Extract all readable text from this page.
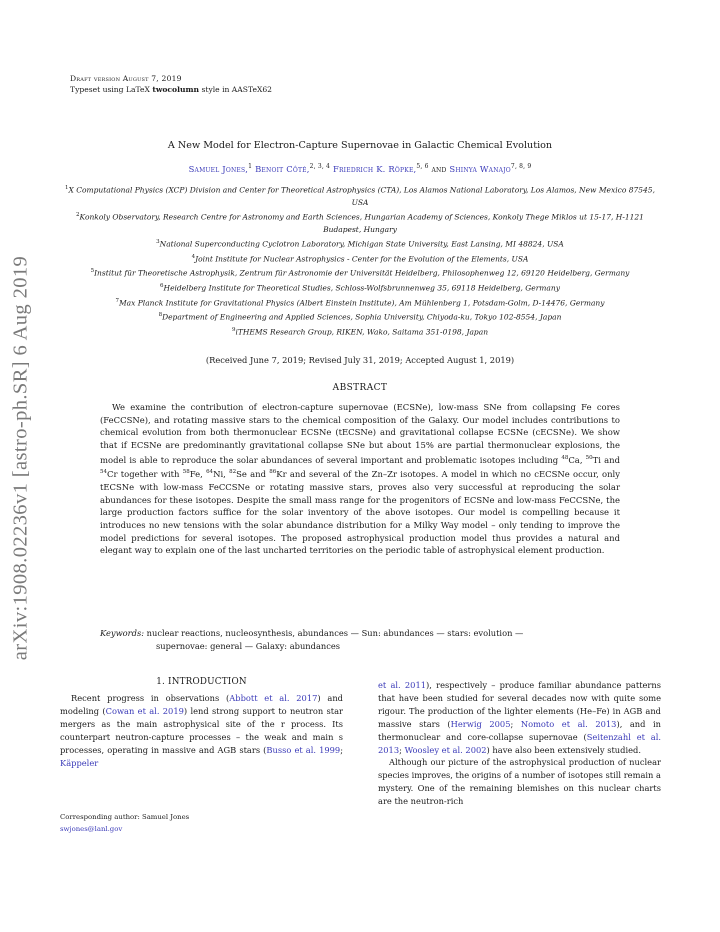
Draft version August 7, 2019
Typeset using LaTeX twocolumn style in AASTeX62
arXiv:1908.02236v1 [astro-ph.SR] 6 Aug 2019
A New Model for Electron-Capture Supernovae in Galactic Chemical Evolution
Samuel Jones,$^1$ Benoit Côté,$^{2, 3, 4}$ Friedrich K. Röpke,$^{5, 6}$ and Shinya Wanajo$^{7, 8, 9}$
$^1$X Computational Physics (XCP) Division and Center for Theoretical Astrophysics (CTA), Los Alamos National Laboratory, Los Alamos, New Mexico 87545, USA
$^2$Konkoly Observatory, Research Centre for Astronomy and Earth Sciences, Hungarian Academy of Sciences, Konkoly Thege Miklos ut 15-17, H-1121 Budapest, Hungary
$^3$National Superconducting Cyclotron Laboratory, Michigan State University, East Lansing, MI 48824, USA
$^4$Joint Institute for Nuclear Astrophysics - Center for the Evolution of the Elements, USA
$^5$Institut für Theoretische Astrophysik, Zentrum für Astronomie der Universität Heidelberg, Philosophenweg 12, 69120 Heidelberg, Germany
$^6$Heidelberg Institute for Theoretical Studies, Schloss-Wolfsbrunnenweg 35, 69118 Heidelberg, Germany
$^7$Max Planck Institute for Gravitational Physics (Albert Einstein Institute), Am Mühlenberg 1, Potsdam-Golm, D-14476, Germany
$^8$Department of Engineering and Applied Sciences, Sophia University, Chiyoda-ku, Tokyo 102-8554, Japan
$^9$iTHEMS Research Group, RIKEN, Wako, Saitama 351-0198, Japan
(Received June 7, 2019; Revised July 31, 2019; Accepted August 1, 2019)
ABSTRACT
We examine the contribution of electron-capture supernovae (ECSNe), low-mass SNe from collapsing Fe cores (FeCCSNe), and rotating massive stars to the chemical composition of the Galaxy. Our model includes contributions to chemical evolution from both thermonuclear ECSNe (tECSNe) and gravitational collapse ECSNe (cECSNe). We show that if ECSNe are predominantly gravitational collapse SNe but about 15% are partial thermonuclear explosions, the model is able to reproduce the solar abundances of several important and problematic isotopes including $^{48}$Ca, $^{50}$Ti and $^{54}$Cr together with $^{58}$Fe, $^{64}$Ni, $^{82}$Se and $^{86}$Kr and several of the Zn–Zr isotopes. A model in which no cECSNe occur, only tECSNe with low-mass FeCCSNe or rotating massive stars, proves also very successful at reproducing the solar abundances for these isotopes. Despite the small mass range for the progenitors of ECSNe and low-mass FeCCSNe, the large production factors suffice for the solar inventory of the above isotopes. Our model is compelling because it introduces no new tensions with the solar abundance distribution for a Milky Way model – only tending to improve the model predictions for several isotopes. The proposed astrophysical production model thus provides a natural and elegant way to explain one of the last uncharted territories on the periodic table of astrophysical element production.
Keywords: nuclear reactions, nucleosynthesis, abundances — Sun: abundances — stars: evolution —
supernovae: general — Galaxy: abundances
1. INTRODUCTION

Recent progress in observations (Abbott et al. 2017) and modeling (Cowan et al. 2019) lend strong support to neutron star mergers as the main astrophysical site of the r process. Its counterpart neutron-capture processes – the weak and main s processes, operating in massive and AGB stars (Busso et al. 1999; Käppeler

Corresponding author: Samuel Jones
swjones@lanl.gov

et al. 2011), respectively – produce familiar abundance patterns that have been studied for several decades now with quite some rigour. The production of the lighter elements (He–Fe) in AGB and massive stars (Herwig 2005; Nomoto et al. 2013), and in thermonuclear and core-collapse supernovae (Seitenzahl et al. 2013; Woosley et al. 2002) have also been extensively studied.

Although our picture of the astrophysical production of nuclear species improves, the origins of a number of isotopes still remain a mystery. One of the remaining blemishes on this nuclear charts are the neutron-rich
